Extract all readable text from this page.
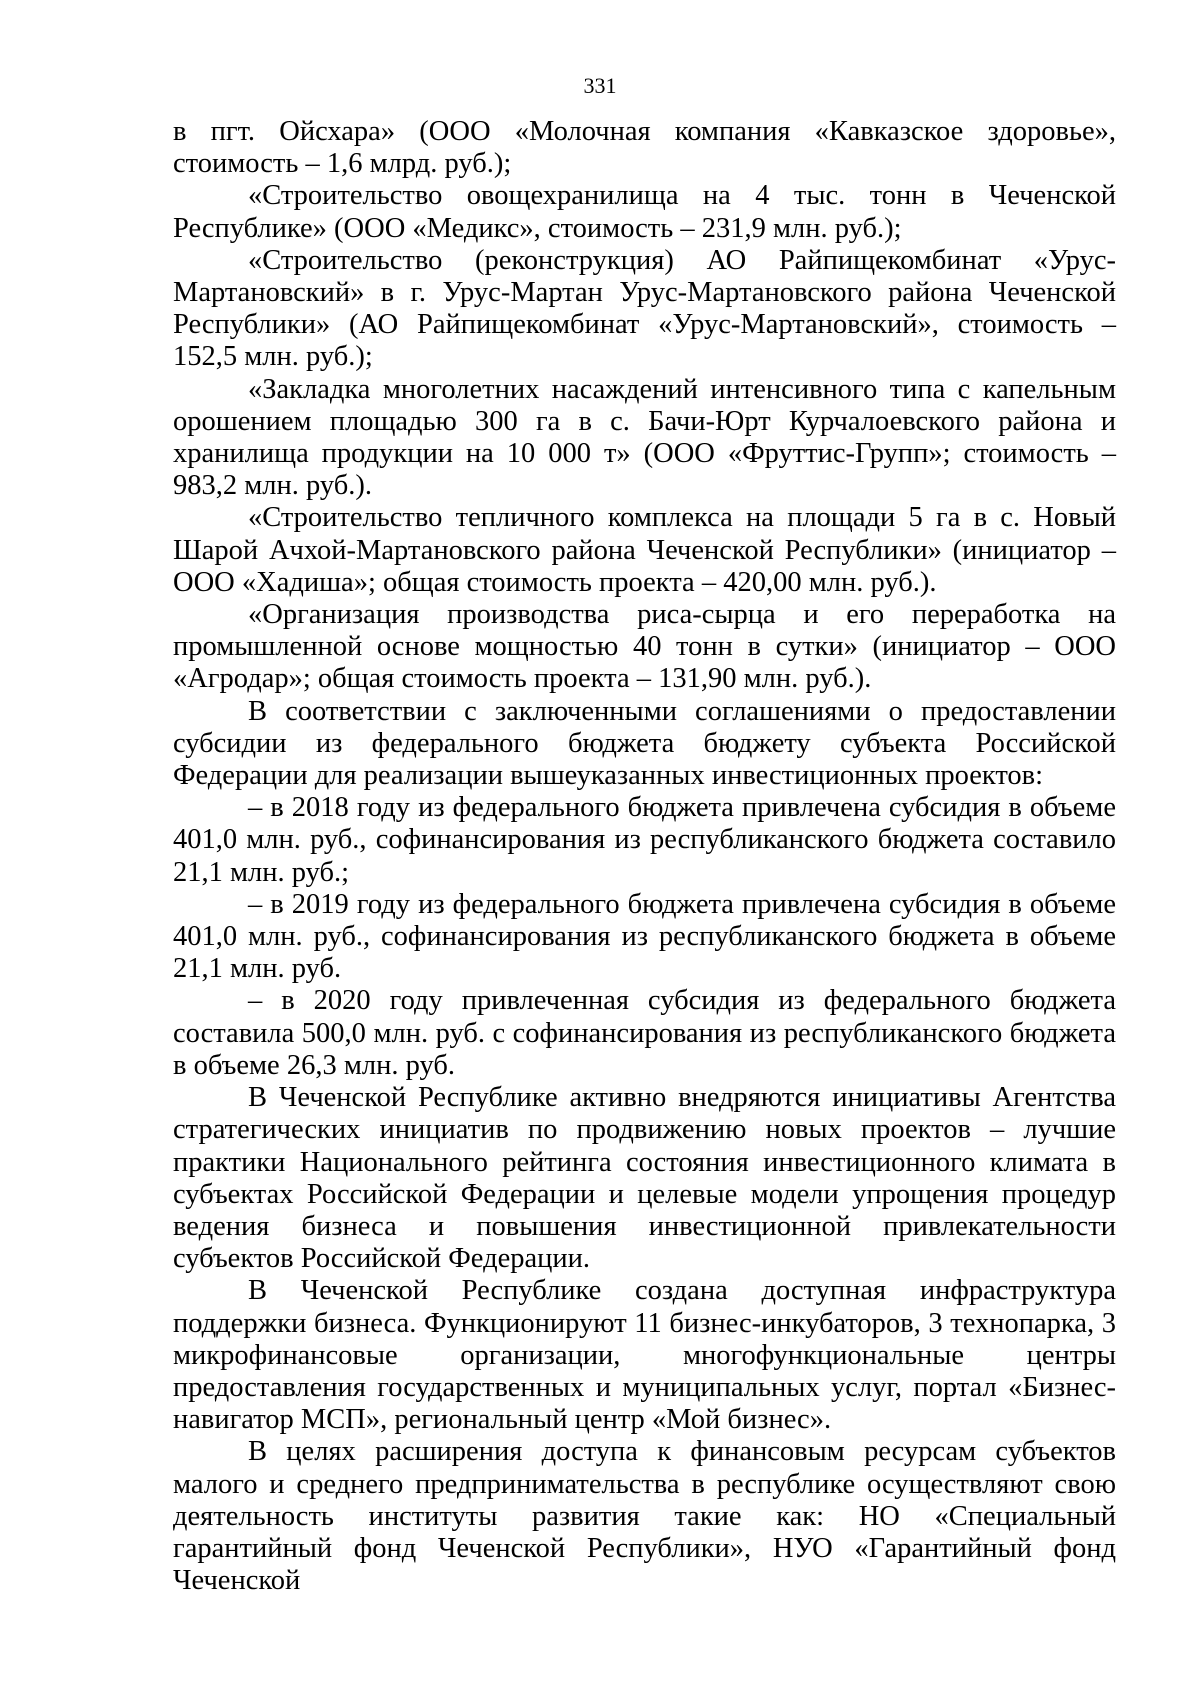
331

в пгт. Ойсхара» (ООО «Молочная компания «Кавказское здоровье», стоимость – 1,6 млрд. руб.);

«Строительство овощехранилища на 4 тыс. тонн в Чеченской Республике» (ООО «Медикс», стоимость – 231,9 млн. руб.);

«Строительство (реконструкция) АО Райпищекомбинат «Урус-Мартановский» в г. Урус-Мартан Урус-Мартановского района Чеченской Республики» (АО Райпищекомбинат «Урус-Мартановский», стоимость – 152,5 млн. руб.);

«Закладка многолетних насаждений интенсивного типа с капельным орошением площадью 300 га в с. Бачи-Юрт Курчалоевского района и хранилища продукции на 10 000 т» (ООО «Фруттис-Групп»; стоимость – 983,2 млн. руб.).

«Строительство тепличного комплекса на площади 5 га в с. Новый Шарой Ачхой-Мартановского района Чеченской Республики» (инициатор – ООО «Хадиша»; общая стоимость проекта – 420,00 млн. руб.).

«Организация производства риса-сырца и его переработка на промышленной основе мощностью 40 тонн в сутки» (инициатор – ООО «Агродар»; общая стоимость проекта – 131,90 млн. руб.).

В соответствии с заключенными соглашениями о предоставлении субсидии из федерального бюджета бюджету субъекта Российской Федерации для реализации вышеуказанных инвестиционных проектов:

– в 2018 году из федерального бюджета привлечена субсидия в объеме 401,0 млн. руб., софинансирования из республиканского бюджета составило 21,1 млн. руб.;

– в 2019 году из федерального бюджета привлечена субсидия в объеме 401,0 млн. руб., софинансирования из республиканского бюджета в объеме 21,1 млн. руб.

– в 2020 году привлеченная субсидия из федерального бюджета составила 500,0 млн. руб. с софинансирования из республиканского бюджета в объеме 26,3 млн. руб.

В Чеченской Республике активно внедряются инициативы Агентства стратегических инициатив по продвижению новых проектов – лучшие практики Национального рейтинга состояния инвестиционного климата в субъектах Российской Федерации и целевые модели упрощения процедур ведения бизнеса и повышения инвестиционной привлекательности субъектов Российской Федерации.

В Чеченской Республике создана доступная инфраструктура поддержки бизнеса. Функционируют 11 бизнес-инкубаторов, 3 технопарка, 3 микрофинансовые организации, многофункциональные центры предоставления государственных и муниципальных услуг, портал «Бизнес-навигатор МСП», региональный центр «Мой бизнес».

В целях расширения доступа к финансовым ресурсам субъектов малого и среднего предпринимательства в республике осуществляют свою деятельность институты развития такие как: НО «Специальный гарантийный фонд Чеченской Республики», НУО «Гарантийный фонд Чеченской
